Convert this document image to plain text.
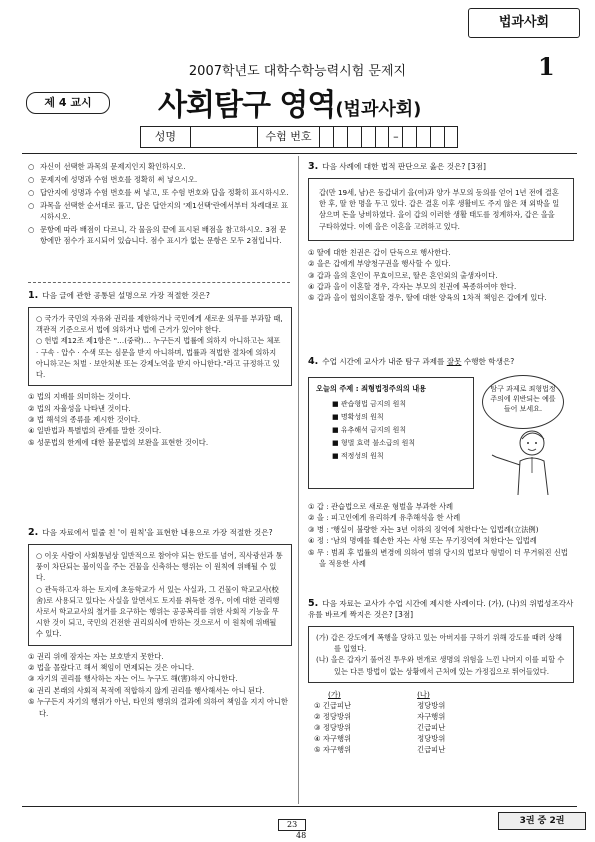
법과사회
2007학년도 대학수학능력시험 문제지	1
제 4 교시	사회탐구 영역(법과사회)
성명	수험 번호	–
○ 자신이 선택한 과목의 문제지인지 확인하시오.
○ 문제지에 성명과 수험 번호를 정확히 써 넣으시오.
○ 답안지에 성명과 수험 번호를 써 넣고, 또 수험 번호와 답을 정확히 표시하시오.
○ 과목을 선택한 순서대로 풀고, 답은 답안지의 '제1선택'란에서부터 차례대로 표시하시오.
○ 문항에 따라 배점이 다르니, 각 물음의 끝에 표시된 배점을 참고하시오. 3점 문항에만 점수가 표시되어 있습니다. 점수 표시가 없는 문항은 모두 2점입니다.
1. 다음 글에 관한 공통된 설명으로 가장 적절한 것은?
○ 국가가 국민의 자유와 권리를 제한하거나 국민에게 새로운 의무를 부과할 때, 객관적 기준으로서 법에 의하거나 법에 근거가 있어야 한다.
○ 헌법 제12조 제1항은 "…(중략)… 누구든지 법률에 의하지 아니하고는 체포 · 구속 · 압수 · 수색 또는 심문을 받지 아니하며, 법률과 적법한 절차에 의하지 아니하고는 처벌 · 보안처분 또는 강제노역을 받지 아니한다."라고 규정하고 있다.
① 법의 지배를 의미하는 것이다.
② 법의 자율성을 나타낸 것이다.
③ 법 해석의 종류를 제시한 것이다.
④ 일반법과 특별법의 관계를 말한 것이다.
⑤ 성문법의 한계에 대한 불문법의 보완을 표현한 것이다.
2. 다음 자료에서 밑줄 친 '이 원칙'을 표현한 내용으로 가장 적절한 것은?
○ 이웃 사람이 사회통념상 일반적으로 참아야 되는 한도를 넘어, 직사광선과 통풍이 차단되는 불이익을 주는 건물을 신축하는 행위는 이 원칙에 위배될 수 있다.
○ 관독하고자 하는 토지에 초등학교가 서 있는 사실과, 그 건물이 학교교사(校舍)로 사용되고 있다는 사실을 알면서도 토지를 취득한 경우, 이에 대한 권리행사로서 학교교사의 철거를 요구하는 행위는 공공복리를 위한 사회적 기능을 무시한 것이 되고, 국민의 건전한 권리의식에 반하는 것으로서 이 원칙에 위배될 수 있다.
① 권리 위에 잠자는 자는 보호받지 못한다.
② 법을 몰랐다고 해서 책임이 면제되는 것은 아니다.
③ 자기의 권리를 행사하는 자는 어느 누구도 해(害)하지 아니한다.
④ 권리 본래의 사회적 목적에 적합하지 않게 권리를 행사해서는 아니 된다.
⑤ 누구든지 자기의 행위가 아닌, 타인의 행위의 결과에 의하여 책임을 지지 아니한다.
3. 다음 사례에 대한 법적 판단으로 옳은 것은? [3점]
갑(만 19세, 남)은 동갑내기 을(여)과 양가 부모의 동의를 얻어 1년 전에 결혼한 후, 딸 한 명을 두고 있다. 갑은 결혼 이후 생활비도 주지 않은 채 외박을 일삼으며 돈을 낭비하였다. 을이 갑의 이러한 생활 태도를 정계하자, 갑은 을을 구타하였다. 이에 을은 이혼을 고려하고 있다.
① 딸에 대한 친권은 갑이 단독으로 행사한다.
② 을은 갑에게 부양청구권을 행사할 수 있다.
③ 갑과 을의 혼인이 무효이므로, 딸은 혼인외의 출생자이다.
④ 갑과 을이 이혼할 경우, 각자는 부모의 친권에 복종하여야 한다.
⑤ 갑과 을이 협의이혼할 경우, 딸에 대한 양육의 1차적 책임은 갑에게 있다.
4. 수업 시간에 교사가 내준 탐구 과제를 잘못 수행한 학생은?
오늘의 주제 : 죄형법정주의의 내용
■ 관습형법 금지의 원칙
■ 명확성의 원칙
■ 유추해석 금지의 원칙
■ 형벌 효력 불소급의 원칙
■ 적정성의 원칙
탐구 과제로 죄형법정주의에 위반되는 예를 들어 보세요.
① 갑 : 관습법으로 새로운 형벌을 부과한 사례
② 을 : 피고인에게 유리하게 유추해석을 한 사례
③ 병 : '행실이 불량한 자는 3년 이하의 징역에 처한다'는 입법례(立法例)
④ 정 : '남의 명예를 훼손한 자는 사형 또는 무기징역에 처한다'는 입법례
⑤ 무 : 범죄 후 법률의 변경에 의하여 범위 당시의 법보다 형벌이 더 무거워진 신법을 적용한 사례
5. 다음 자료는 교사가 수업 시간에 제시한 사례이다. (가), (나)의 위법성조각사유를 바르게 짝지은 것은? [3점]
(가) 갑은 강도에게 폭행을 당하고 있는 아버지를 구하기 위해 강도를 때려 상해를 입혔다.
(나) 을은 갑자기 풀어진 투우와 번개로 생명의 위험을 느낀 나머지 이를 피할 수 있는 다른 방법이 없는 상황에서 근처에 있는 가정집으로 뛰어들었다.
(가)	(나)
① 긴급피난	정당방위
② 정당방위	자구행위
③ 정당방위	긴급피난
④ 자구행위	정당방위
⑤ 자구행위	긴급피난
23
48
3권 중 2권
